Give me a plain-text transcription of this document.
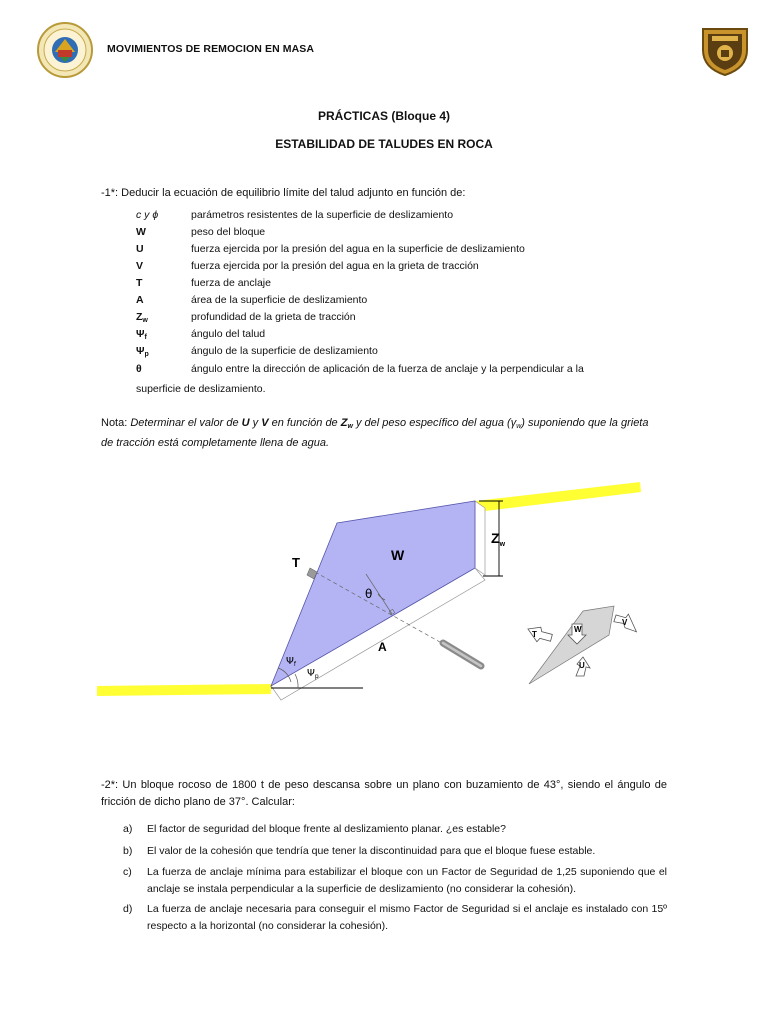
MOVIMIENTOS DE REMOCION EN MASA
PRÁCTICAS (Bloque 4)
ESTABILIDAD DE TALUDES EN ROCA
-1*: Deducir la ecuación de equilibrio límite del talud adjunto en función de:
c y ϕ	parámetros resistentes de la superficie de deslizamiento
W	peso del bloque
U	fuerza ejercida por la presión del agua en la superficie de deslizamiento
V	fuerza ejercida por la presión del agua en la grieta de tracción
T	fuerza de anclaje
A	área de la superficie de deslizamiento
$Z_w$	profundidad de la grieta de tracción
$\Psi_f$	ángulo del talud
$\Psi_p$	ángulo de la superficie de deslizamiento
θ	ángulo entre la dirección de aplicación de la fuerza de anclaje y la perpendicular a la
superficie de deslizamiento.
Nota: Determinar el valor de U y V en función de $Z_w$ y del peso específico del agua $(\gamma_w)$ suponiendo que la grieta
de tracción está completamente llena de agua.
W
T
A
θ
$Z_w$
$\Psi_f$
$\Psi_p$
T
W
V
U
-2*: Un bloque rocoso de 1800 t de peso descansa sobre un plano con buzamiento de 43°, siendo el ángulo de fricción de dicho plano de 37°. Calcular:
a) El factor de seguridad del bloque frente al deslizamiento planar. ¿es estable?
b) El valor de la cohesión que tendría que tener la discontinuidad para que el bloque fuese estable.
c) La fuerza de anclaje mínima para estabilizar el bloque con un Factor de Seguridad de 1,25 suponiendo que el anclaje se instala perpendicular a la superficie de deslizamiento (no considerar la cohesión).
d) La fuerza de anclaje necesaria para conseguir el mismo Factor de Seguridad si el anclaje es instalado con 15º respecto a la horizontal (no considerar la cohesión).
